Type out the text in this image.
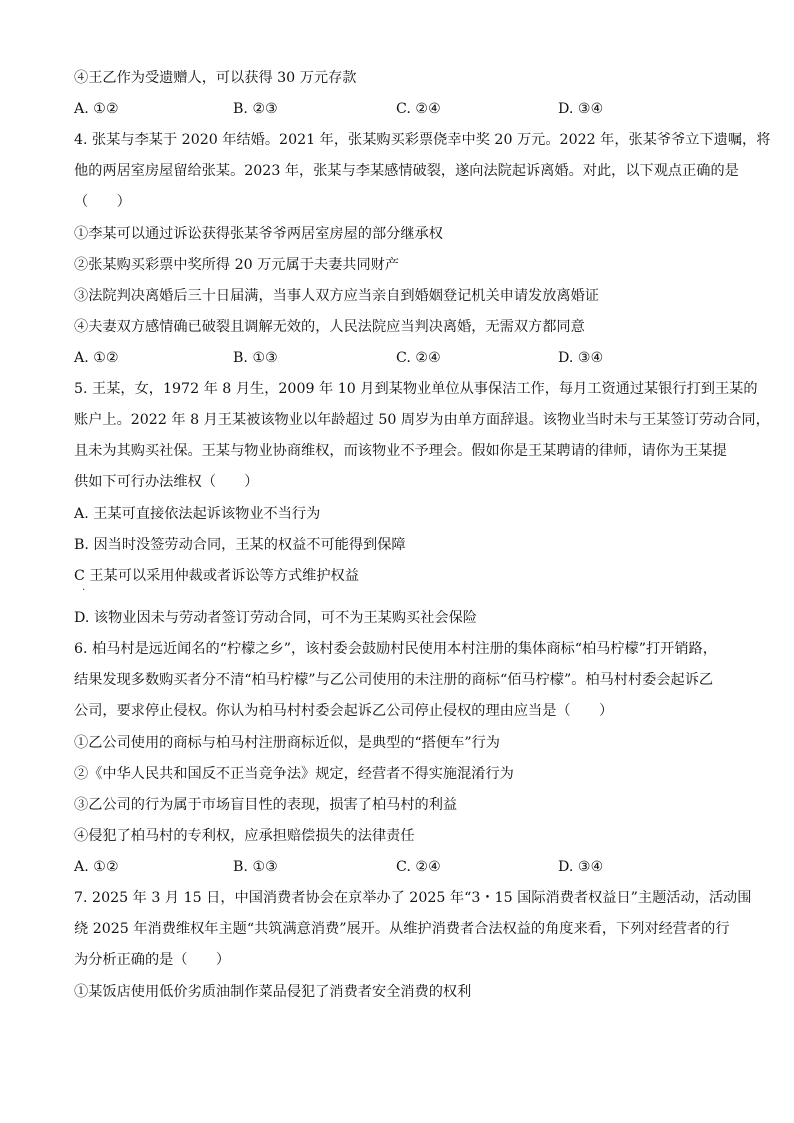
④王乙作为受遗赠人，可以获得 30 万元存款
A. ①②	B. ②③	C. ②④	D. ③④
4. 张某与李某于 2020 年结婚。2021 年，张某购买彩票侥幸中奖 20 万元。2022 年，张某爷爷立下遗嘱，将
他的两居室房屋留给张某。2023 年，张某与李某感情破裂，遂向法院起诉离婚。对此，以下观点正确的是
（　　）
①李某可以通过诉讼获得张某爷爷两居室房屋的部分继承权
②张某购买彩票中奖所得 20 万元属于夫妻共同财产
③法院判决离婚后三十日届满，当事人双方应当亲自到婚姻登记机关申请发放离婚证
④夫妻双方感情确已破裂且调解无效的，人民法院应当判决离婚，无需双方都同意
A. ①②	B. ①③	C. ②④	D. ③④
5. 王某，女，1972 年 8 月生，2009 年 10 月到某物业单位从事保洁工作，每月工资通过某银行打到王某的
账户上。2022 年 8 月王某被该物业以年龄超过 50 周岁为由单方面辞退。该物业当时未与王某签订劳动合同，
且未为其购买社保。王某与物业协商维权，而该物业不予理会。假如你是王某聘请的律师，请你为王某提
供如下可行办法维权（　　）
A. 王某可直接依法起诉该物业不当行为
B. 因当时没签劳动合同，王某的权益不可能得到保障
C 王某可以采用仲裁或者诉讼等方式维护权益
·
D. 该物业因未与劳动者签订劳动合同，可不为王某购买社会保险
6. 柏马村是远近闻名的“柠檬之乡”，该村委会鼓励村民使用本村注册的集体商标“柏马柠檬”打开销路，
结果发现多数购买者分不清“柏马柠檬”与乙公司使用的未注册的商标“佰马柠檬”。柏马村村委会起诉乙
公司，要求停止侵权。你认为柏马村村委会起诉乙公司停止侵权的理由应当是（　　）
①乙公司使用的商标与柏马村注册商标近似，是典型的“搭便车”行为
②《中华人民共和国反不正当竞争法》规定，经营者不得实施混淆行为
③乙公司的行为属于市场盲目性的表现，损害了柏马村的利益
④侵犯了柏马村的专利权，应承担赔偿损失的法律责任
A. ①②	B. ①③	C. ②④	D. ③④
7. 2025 年 3 月 15 日，中国消费者协会在京举办了 2025 年“3・15 国际消费者权益日”主题活动，活动围
绕 2025 年消费维权年主题“共筑满意消费”展开。从维护消费者合法权益的角度来看，下列对经营者的行
为分析正确的是（　　）
①某饭店使用低价劣质油制作菜品侵犯了消费者安全消费的权利
